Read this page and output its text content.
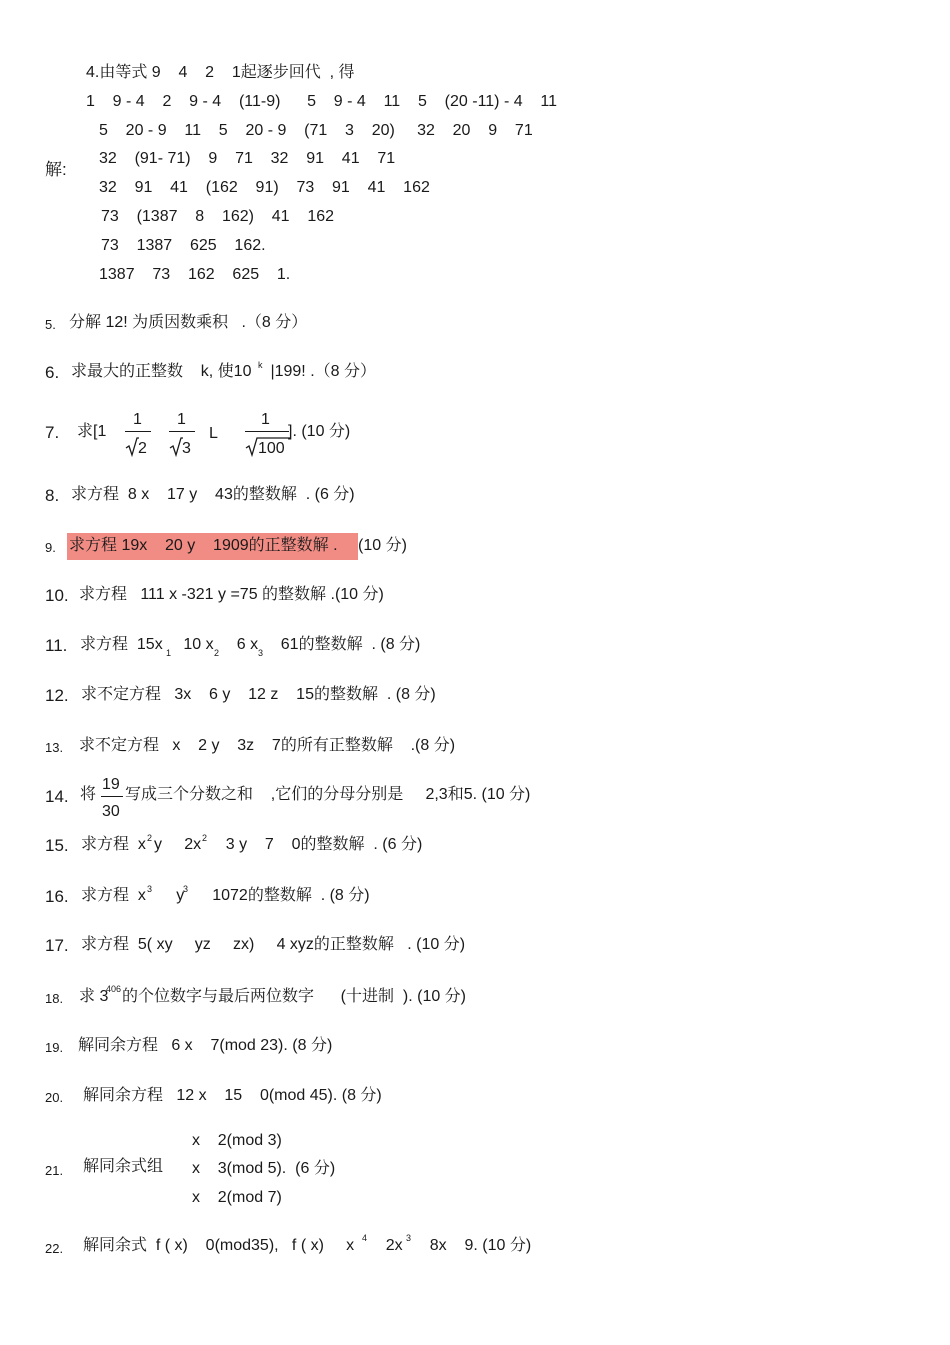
解:
4.由等式 9    4    2    1起逐步回代  , 得
1    9 - 4    2    9 - 4    (11-9)      5    9 - 4    11    5    (20 -11) - 4    11
5    20 - 9    11    5    20 - 9    (71    3    20)     32    20    9    71
32    (91- 71)    9    71    32    91    41    71
32    91    41    (162    91)    73    91    41    162
73    (1387    8    162)    41    162
73    1387    625    162.
1387    73    162    625    1.
5. 分解 12! 为质因数乘积   .（8 分）
6. 求最大的正整数    k, 使10 k |199! .（8 分）
7. 求[1
1
2
1
3
L
1
100
]. (10 分)
8. 求方程  8 x    17 y    43的整数解  . (6 分)
9. 求方程 19x    20 y    1909的正整数解 . (10 分)
10. 求方程   111 x -321 y =75 的整数解 .(10 分)
11. 求方程  15x 1
10 x 2 6 x 3 61的整数解  . (8 分)
12. 求不定方程   3x    6 y    12 z    15的整数解  . (8 分)
13. 求不定方程   x    2 y    3z    7的所有正整数解    .(8 分)
14. 将
19
30
写成三个分数之和    ,它们的分母分别是     2,3和5. (10 分)
15. 求方程  x 2 y     2x 2 3 y    7    0的整数解  . (6 分)
16. 求方程  x 3 y
3 1072的整数解  . (8 分)
17. 求方程  5( xy     yz     zx)     4 xyz的正整数解   . (10 分)
18. 求 3
406 的个位数字与最后两位数字      (十进制  ). (10 分)
19. 解同余方程   6 x    7(mod 23). (8 分)
20. 解同余方程   12 x    15    0(mod 45). (8 分)
21. 解同余式组
x    2(mod 3)
x    3(mod 5).  (6 分)
x    2(mod 7)
22. 解同余式  f ( x)    0(mod35),   f ( x)     x 4 2x 3 8x    9. (10 分)
